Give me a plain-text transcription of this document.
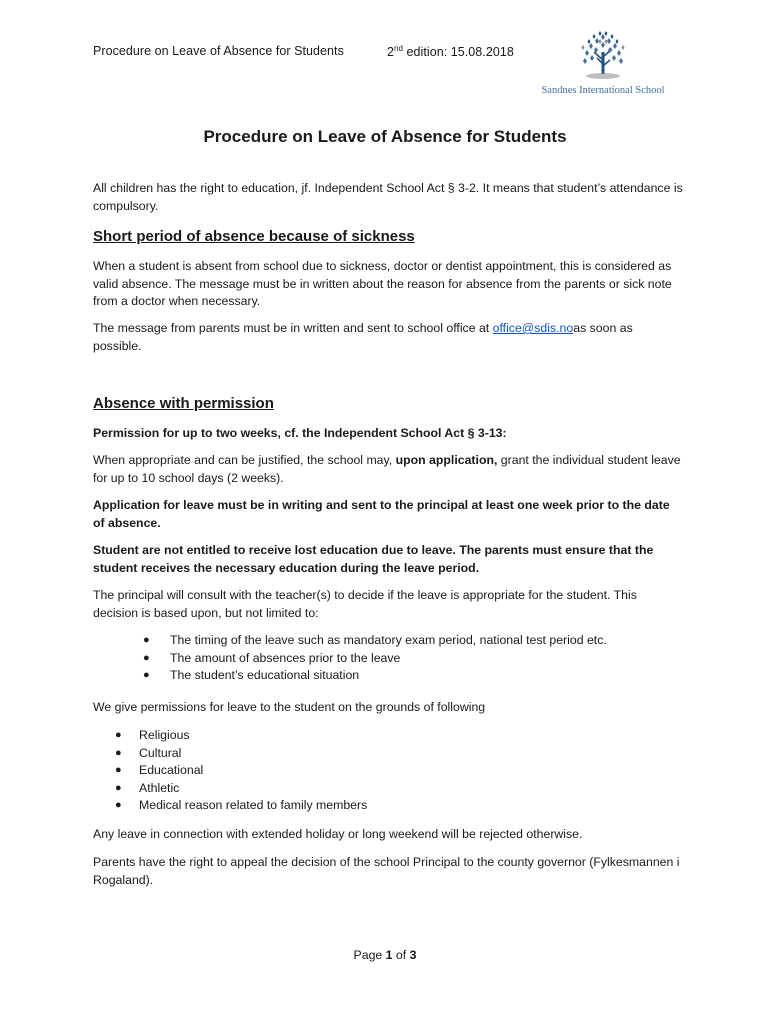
Procedure on Leave of Absence for Students	2nd edition: 15.08.2018
Sandnes International School
Procedure on Leave of Absence for Students

All children has the right to education, jf. Independent School Act § 3-2. It means that student’s attendance is compulsory.

Short period of absence because of sickness

When a student is absent from school due to sickness, doctor or dentist appointment, this is considered as valid absence. The message must be in written about the reason for absence from the parents or sick note from a doctor when necessary.

The message from parents must be in written and sent to school office at office@sdis.noas soon as possible.

Absence with permission

Permission for up to two weeks, cf. the Independent School Act § 3-13:

When appropriate and can be justified, the school may, upon application, grant the individual student leave for up to 10 school days (2 weeks).

Application for leave must be in writing and sent to the principal at least one week prior to the date of absence.

Student are not entitled to receive lost education due to leave. The parents must ensure that the student receives the necessary education during the leave period.

The principal will consult with the teacher(s) to decide if the leave is appropriate for the student. This decision is based upon, but not limited to:

● The timing of the leave such as mandatory exam period, national test period etc.
● The amount of absences prior to the leave
● The student’s educational situation

We give permissions for leave to the student on the grounds of following

● Religious
● Cultural
● Educational
● Athletic
● Medical reason related to family members

Any leave in connection with extended holiday or long weekend will be rejected otherwise.

Parents have the right to appeal the decision of the school Principal to the county governor (Fylkesmannen i Rogaland).

Page 1 of 3
